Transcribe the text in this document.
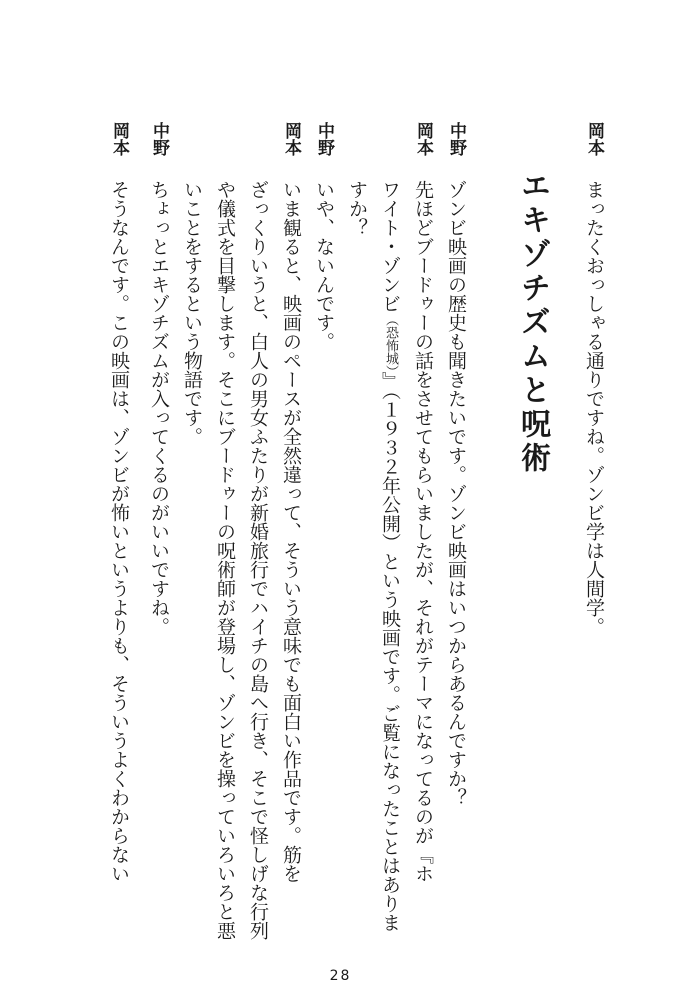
岡本まったくおっしゃる通りですね。ゾンビ学は人間学。
エキゾチズムと呪術
中野ゾンビ映画の歴史も聞きたいです。ゾンビ映画はいつからあるんですか？
岡本先ほどブードゥーの話をさせてもらいましたが、それがテーマになってるのが『ホ
ワイト・ゾンビ（恐怖城）』（１９３２年公開）という映画です。ご覧になったことはありま
すか？
中野いや、ないんです。
岡本いま観ると、映画のペースが全然違って、そういう意味でも面白い作品です。筋を
ざっくりいうと、白人の男女ふたりが新婚旅行でハイチの島へ行き、そこで怪しげな行列
や儀式を目撃します。そこにブードゥーの呪術師が登場し、ゾンビを操っていろいろと悪
いことをするという物語です。
中野ちょっとエキゾチズムが入ってくるのがいいですね。
岡本そうなんです。この映画は、ゾンビが怖いというよりも、そういうよくわからない
28
